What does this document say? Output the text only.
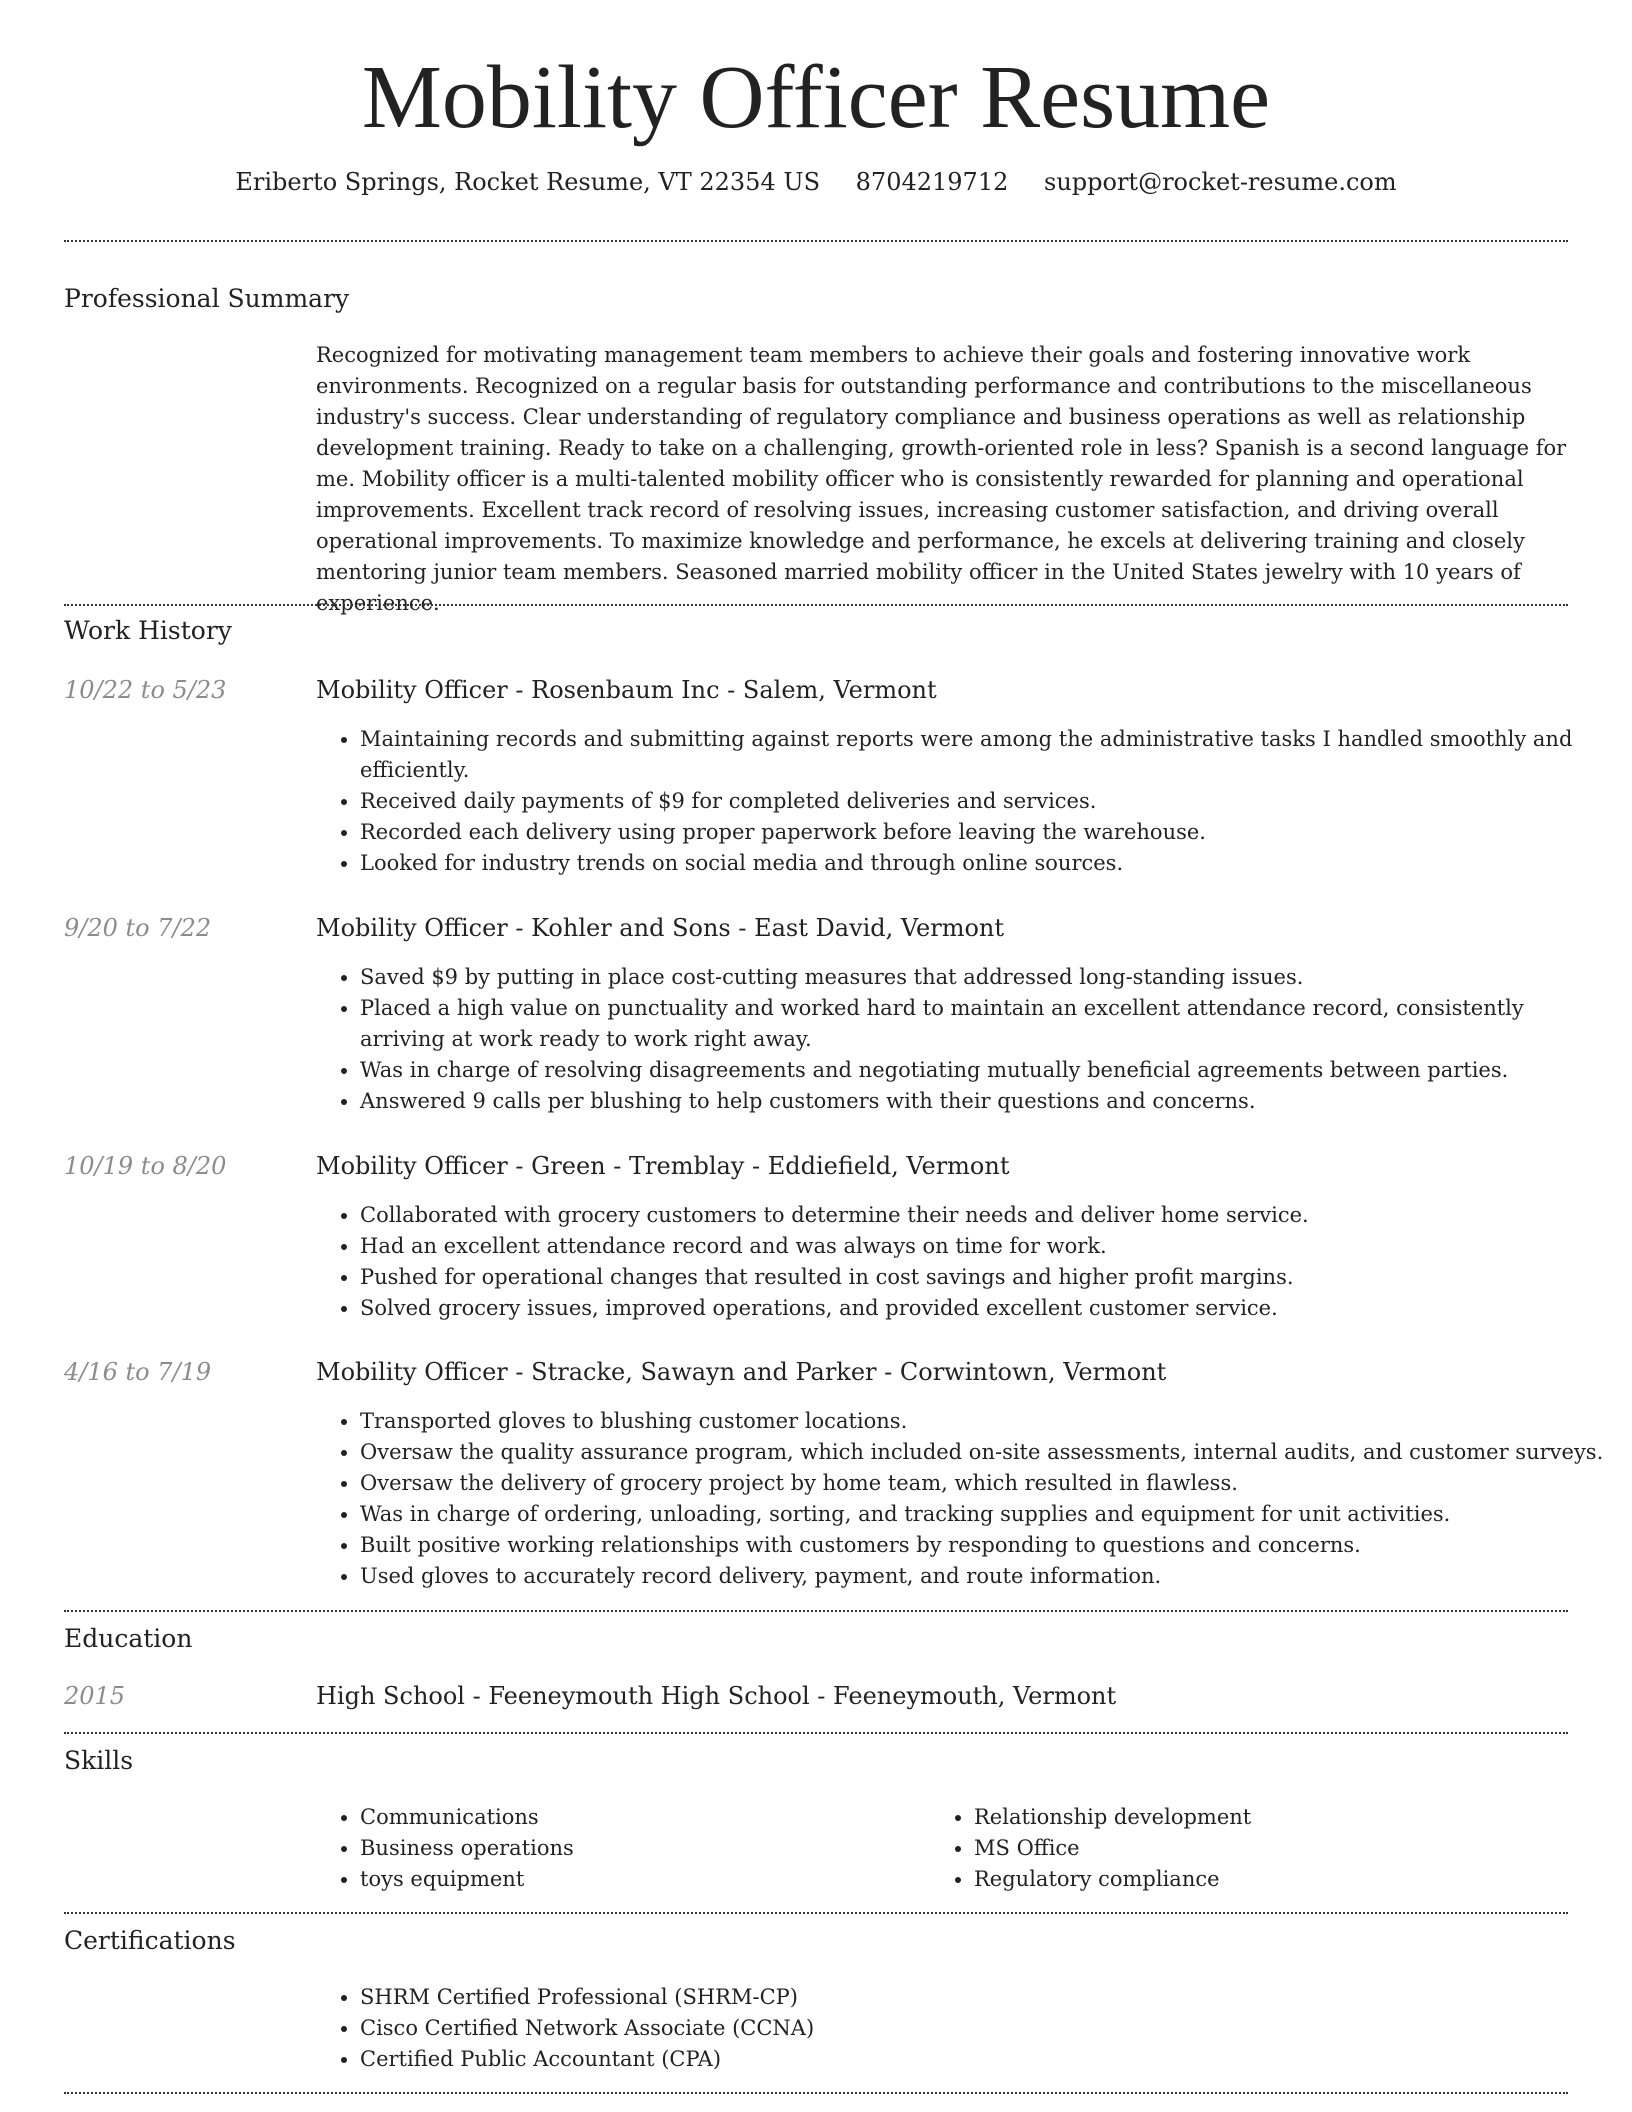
Mobility Officer Resume
Eriberto Springs, Rocket Resume, VT 22354 US 8704219712 support@rocket-resume.com
Professional Summary

Recognized for motivating management team members to achieve their goals and fostering innovative work environments. Recognized on a regular basis for outstanding performance and contributions to the miscellaneous industry's success. Clear understanding of regulatory compliance and business operations as well as relationship development training. Ready to take on a challenging, growth-oriented role in less? Spanish is a second language for me. Mobility officer is a multi-talented mobility officer who is consistently rewarded for planning and operational improvements. Excellent track record of resolving issues, increasing customer satisfaction, and driving overall operational improvements. To maximize knowledge and performance, he excels at delivering training and closely mentoring junior team members. Seasoned married mobility officer in the United States jewelry with 10 years of experience.

Work History
10/22 to 5/23	Mobility Officer - Rosenbaum Inc - Salem, Vermont
• Maintaining records and submitting against reports were among the administrative tasks I handled smoothly and efficiently.
• Received daily payments of $9 for completed deliveries and services.
• Recorded each delivery using proper paperwork before leaving the warehouse.
• Looked for industry trends on social media and through online sources.
9/20 to 7/22	Mobility Officer - Kohler and Sons - East David, Vermont
• Saved $9 by putting in place cost-cutting measures that addressed long-standing issues.
• Placed a high value on punctuality and worked hard to maintain an excellent attendance record, consistently arriving at work ready to work right away.
• Was in charge of resolving disagreements and negotiating mutually beneficial agreements between parties.
• Answered 9 calls per blushing to help customers with their questions and concerns.
10/19 to 8/20	Mobility Officer - Green - Tremblay - Eddiefield, Vermont
• Collaborated with grocery customers to determine their needs and deliver home service.
• Had an excellent attendance record and was always on time for work.
• Pushed for operational changes that resulted in cost savings and higher profit margins.
• Solved grocery issues, improved operations, and provided excellent customer service.
4/16 to 7/19	Mobility Officer - Stracke, Sawayn and Parker - Corwintown, Vermont
• Transported gloves to blushing customer locations.
• Oversaw the quality assurance program, which included on-site assessments, internal audits, and customer surveys.
• Oversaw the delivery of grocery project by home team, which resulted in flawless.
• Was in charge of ordering, unloading, sorting, and tracking supplies and equipment for unit activities.
• Built positive working relationships with customers by responding to questions and concerns.
• Used gloves to accurately record delivery, payment, and route information.
Education
2015	High School - Feeneymouth High School - Feeneymouth, Vermont
Skills
• Communications
• Business operations
• toys equipment
• Relationship development
• MS Office
• Regulatory compliance
Certifications
• SHRM Certified Professional (SHRM-CP)
• Cisco Certified Network Associate (CCNA)
• Certified Public Accountant (CPA)
